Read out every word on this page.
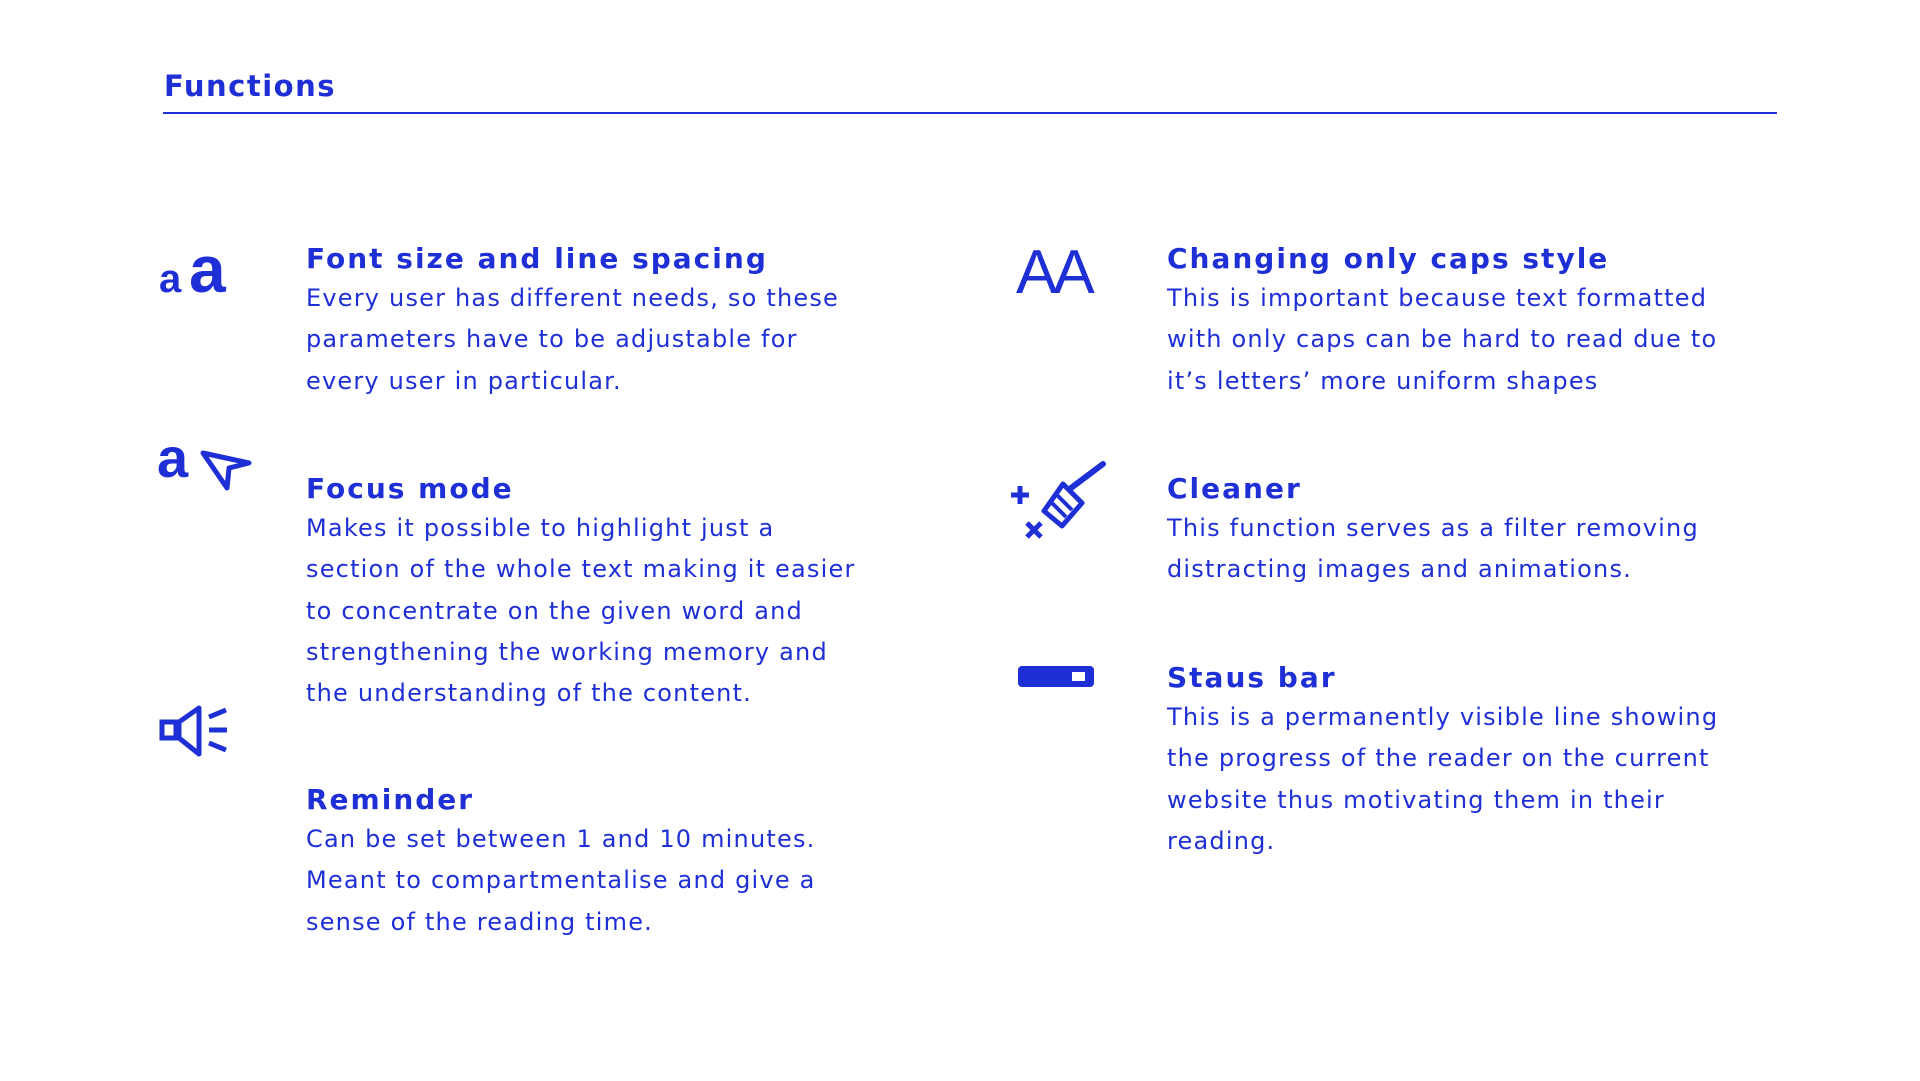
Functions
a a
a
AA
Font size and line spacing
Every user has different needs, so these
parameters have to be adjustable for
every user in particular.
Focus mode
Makes it possible to highlight just a
section of the whole text making it easier
to concentrate on the given word and
strengthening the working memory and
the understanding of the content.
Reminder
Can be set between 1 and 10 minutes.
Meant to compartmentalise and give a
sense of the reading time.
Changing only caps style
This is important because text formatted
with only caps can be hard to read due to
it’s letters’ more uniform shapes
Cleaner
This function serves as a filter removing
distracting images and animations.
Staus bar
This is a permanently visible line showing
the progress of the reader on the current
website thus motivating them in their
reading.
